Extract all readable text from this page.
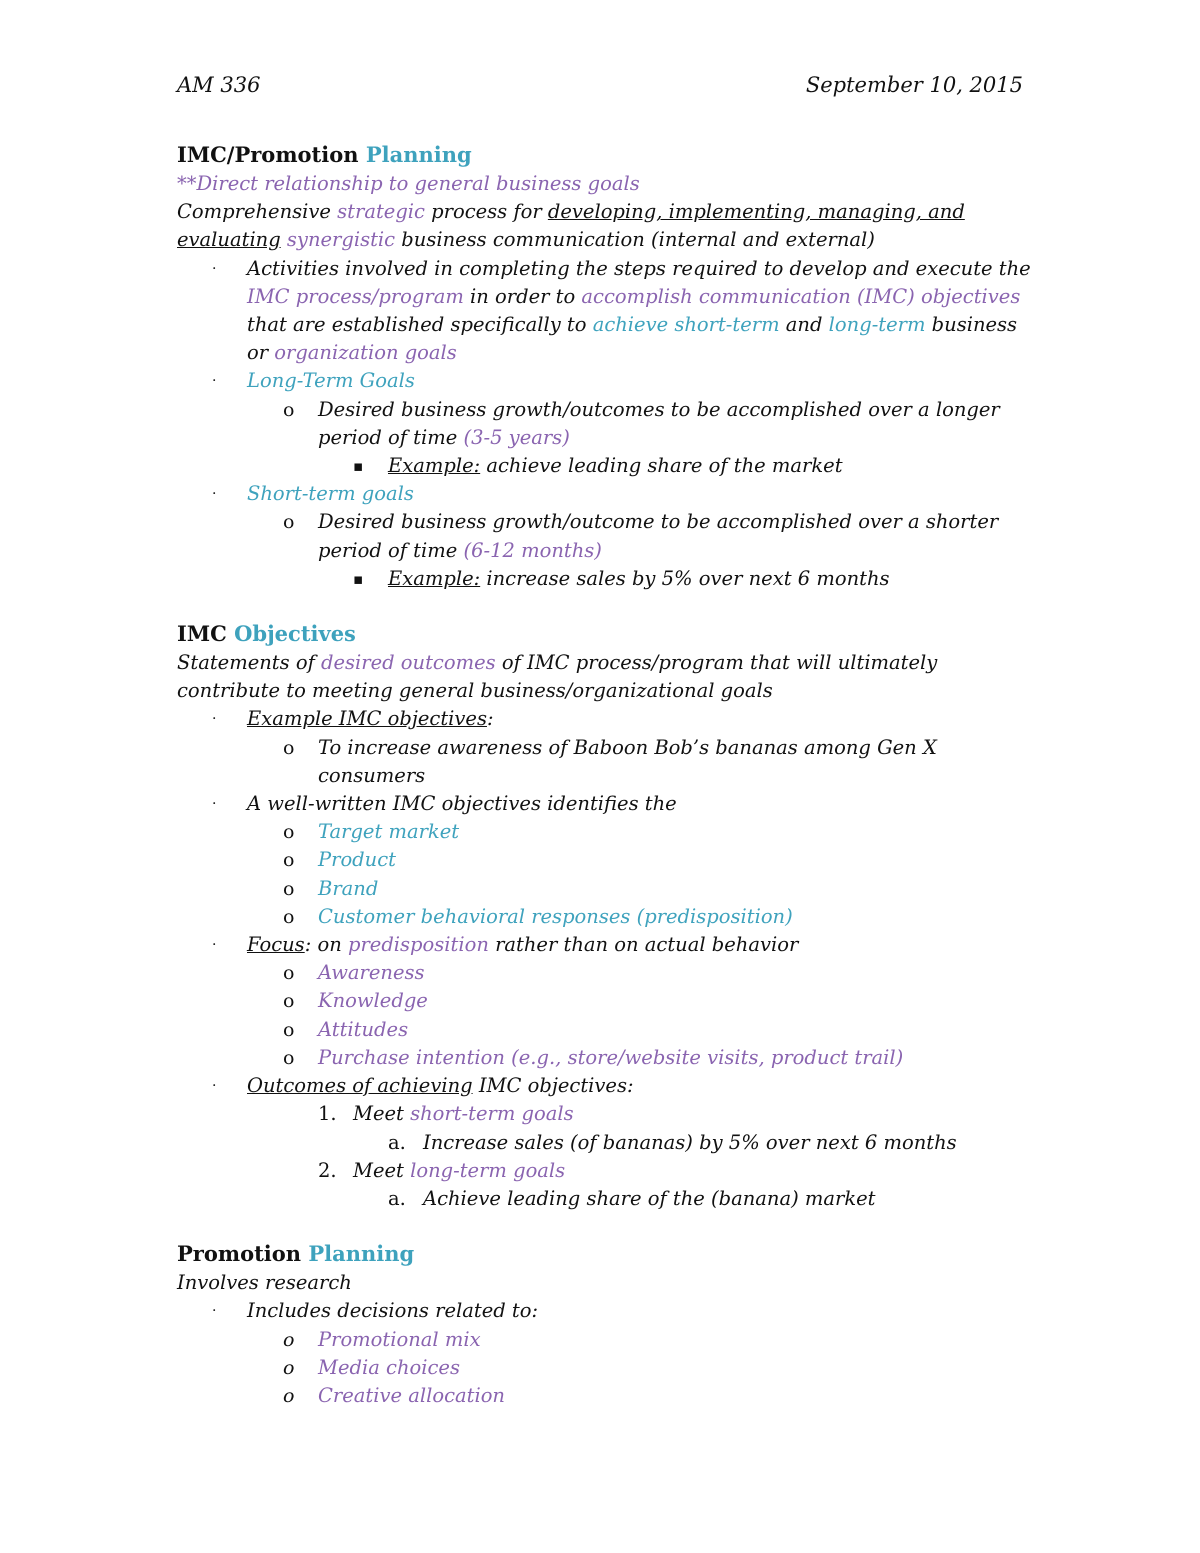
AM 336	September 10, 2015
IMC/Promotion Planning
**Direct relationship to general business goals
Comprehensive strategic process for developing, implementing, managing, and
evaluating synergistic business communication (internal and external)
· Activities involved in completing the steps required to develop and execute the
IMC process/program in order to accomplish communication (IMC) objectives
that are established specifically to achieve short-term and long-term business
or organization goals
· Long-Term Goals
o Desired business growth/outcomes to be accomplished over a longer
period of time (3-5 years)
▪ Example: achieve leading share of the market
· Short-term goals
o Desired business growth/outcome to be accomplished over a shorter
period of time (6-12 months)
▪ Example: increase sales by 5% over next 6 months
IMC Objectives
Statements of desired outcomes of IMC process/program that will ultimately
contribute to meeting general business/organizational goals
· Example IMC objectives:
o To increase awareness of Baboon Bob’s bananas among Gen X
consumers
· A well-written IMC objectives identifies the
o Target market
o Product
o Brand
o Customer behavioral responses (predisposition)
· Focus: on predisposition rather than on actual behavior
o Awareness
o Knowledge
o Attitudes
o Purchase intention (e.g., store/website visits, product trail)
· Outcomes of achieving IMC objectives:
1. Meet short-term goals
a. Increase sales (of bananas) by 5% over next 6 months
2. Meet long-term goals
a. Achieve leading share of the (banana) market
Promotion Planning
Involves research
· Includes decisions related to:
o Promotional mix
o Media choices
o Creative allocation
